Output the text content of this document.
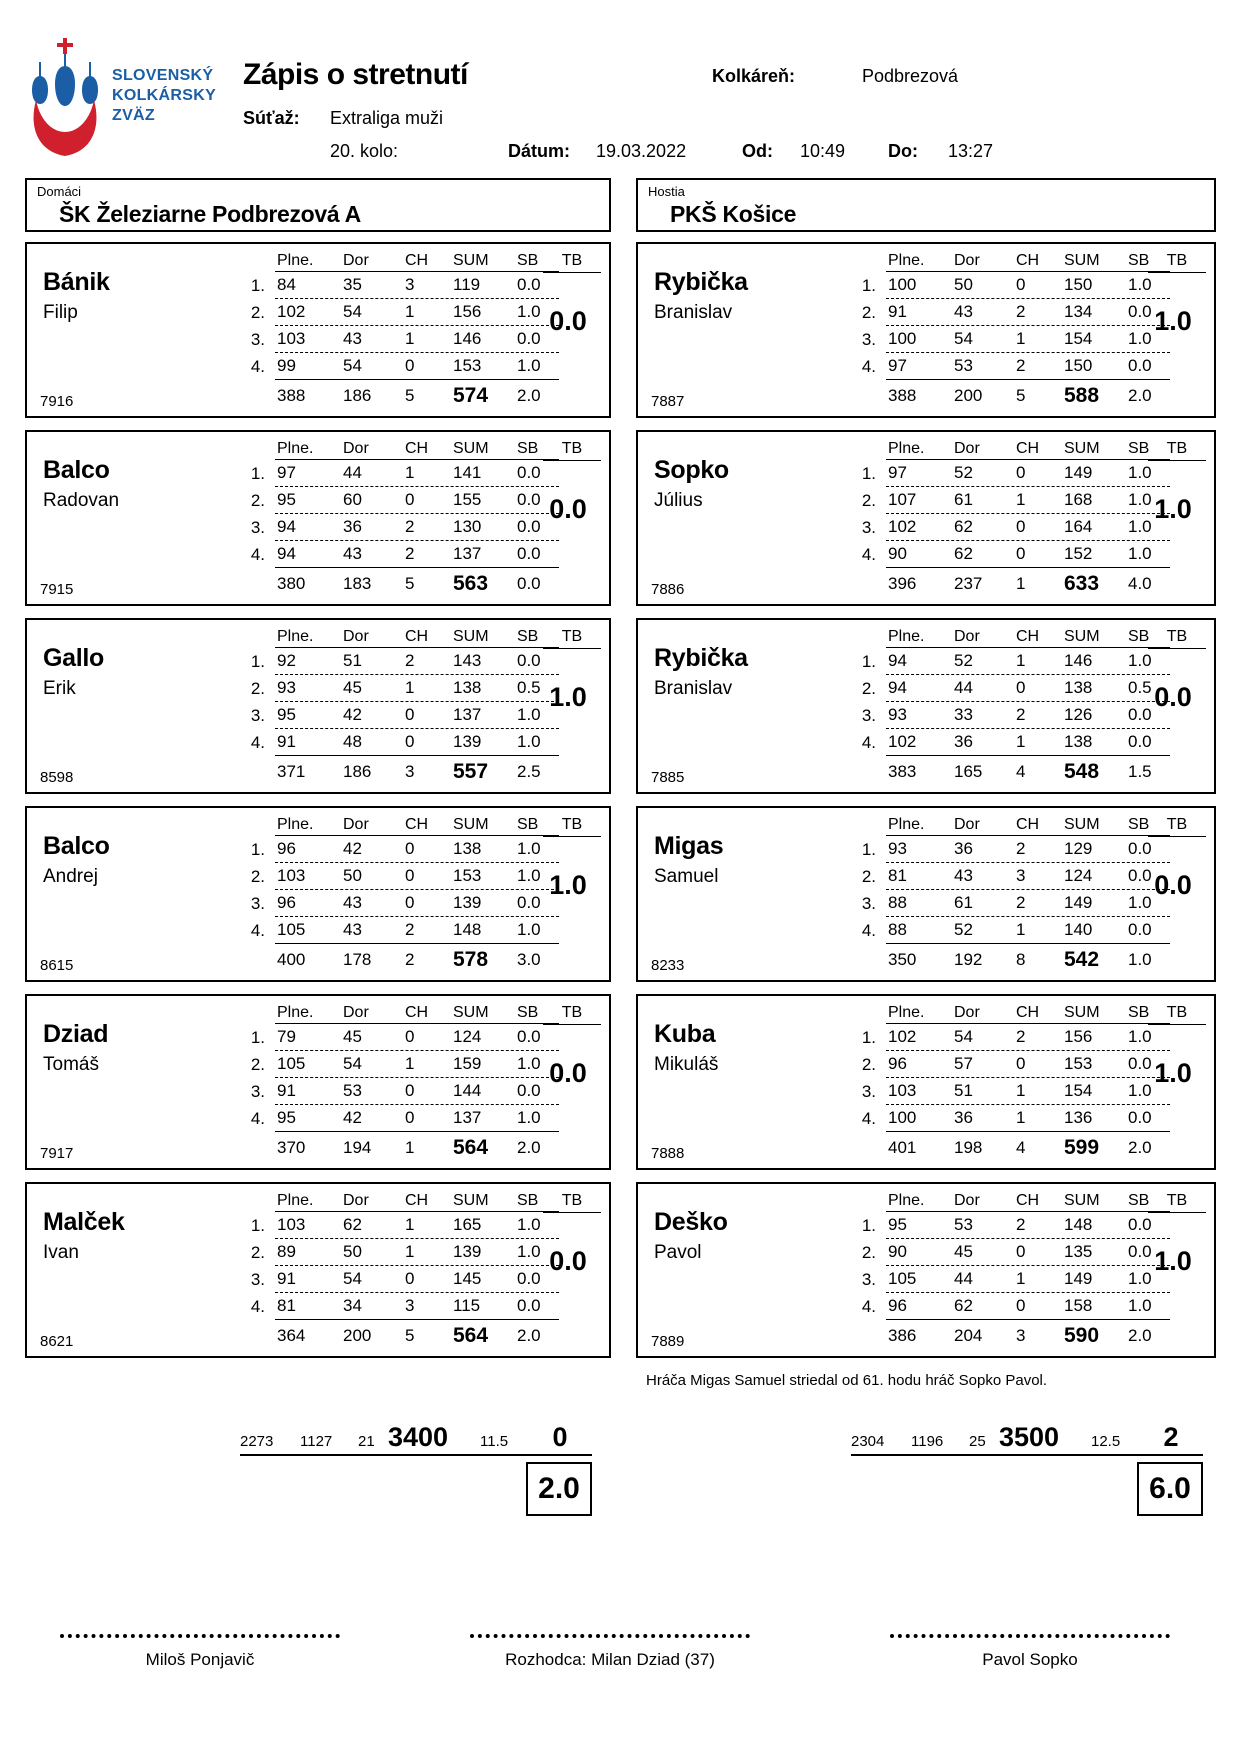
SLOVENSKÝ
KOLKÁRSKY
ZVÄZ
Zápis o stretnutí	Kolkáreň:	Podbrezová
Súťaž: Extraliga muži
20. kolo:	Dátum: 19.03.2022	Od: 10:49 Do: 13:27
Domáci
ŠK Železiarne Podbrezová A
Bánik
Filip
7916
Plne.	Dor	CH	SUM	SB
1. 84	35	3	119	0.0
2. 102	54	1	156	1.0
3. 103	43	1	146	0.0
4. 99	54	0	153	1.0
388	186	5	574	2.0
TB
0.0
Balco
Radovan
7915
Plne.	Dor	CH	SUM	SB
1. 97	44	1	141	0.0
2. 95	60	0	155	0.0
3. 94	36	2	130	0.0
4. 94	43	2	137	0.0
380	183	5	563	0.0
TB
0.0
Gallo
Erik
8598
Plne.	Dor	CH	SUM	SB
1. 92	51	2	143	0.0
2. 93	45	1	138	0.5
3. 95	42	0	137	1.0
4. 91	48	0	139	1.0
371	186	3	557	2.5
TB
1.0
Balco
Andrej
8615
Plne.	Dor	CH	SUM	SB
1. 96	42	0	138	1.0
2. 103	50	0	153	1.0
3. 96	43	0	139	0.0
4. 105	43	2	148	1.0
400	178	2	578	3.0
TB
1.0
Dziad
Tomáš
7917
Plne.	Dor	CH	SUM	SB
1. 79	45	0	124	0.0
2. 105	54	1	159	1.0
3. 91	53	0	144	0.0
4. 95	42	0	137	1.0
370	194	1	564	2.0
TB
0.0
Malček
Ivan
8621
Plne.	Dor	CH	SUM	SB
1. 103	62	1	165	1.0
2. 89	50	1	139	1.0
3. 91	54	0	145	0.0
4. 81	34	3	115	0.0
364	200	5	564	2.0
TB
0.0
Hostia
PKŠ Košice
Rybička
Branislav
7887
Plne.	Dor	CH	SUM	SB
1. 100	50	0	150	1.0
2. 91	43	2	134	0.0
3. 100	54	1	154	1.0
4. 97	53	2	150	0.0
388	200	5	588	2.0
TB
1.0
Sopko
Július
7886
Plne.	Dor	CH	SUM	SB
1. 97	52	0	149	1.0
2. 107	61	1	168	1.0
3. 102	62	0	164	1.0
4. 90	62	0	152	1.0
396	237	1	633	4.0
TB
1.0
Rybička
Branislav
7885
Plne.	Dor	CH	SUM	SB
1. 94	52	1	146	1.0
2. 94	44	0	138	0.5
3. 93	33	2	126	0.0
4. 102	36	1	138	0.0
383	165	4	548	1.5
TB
0.0
Migas
Samuel
8233
Plne.	Dor	CH	SUM	SB
1. 93	36	2	129	0.0
2. 81	43	3	124	0.0
3. 88	61	2	149	1.0
4. 88	52	1	140	0.0
350	192	8	542	1.0
TB
0.0
Kuba
Mikuláš
7888
Plne.	Dor	CH	SUM	SB
1. 102	54	2	156	1.0
2. 96	57	0	153	0.0
3. 103	51	1	154	1.0
4. 100	36	1	136	0.0
401	198	4	599	2.0
TB
1.0
Deško
Pavol
7889
Plne.	Dor	CH	SUM	SB
1. 95	53	2	148	0.0
2. 90	45	0	135	0.0
3. 105	44	1	149	1.0
4. 96	62	0	158	1.0
386	204	3	590	2.0
TB
1.0
Hráča Migas Samuel striedal od 61. hodu hráč Sopko Pavol.
2273	1127	21 3400	11.5	0	2304	1196	25 3500	12.5	2
2.0	6.0
Miloš Ponjavič	Rozhodca: Milan Dziad (37)	Pavol Sopko
